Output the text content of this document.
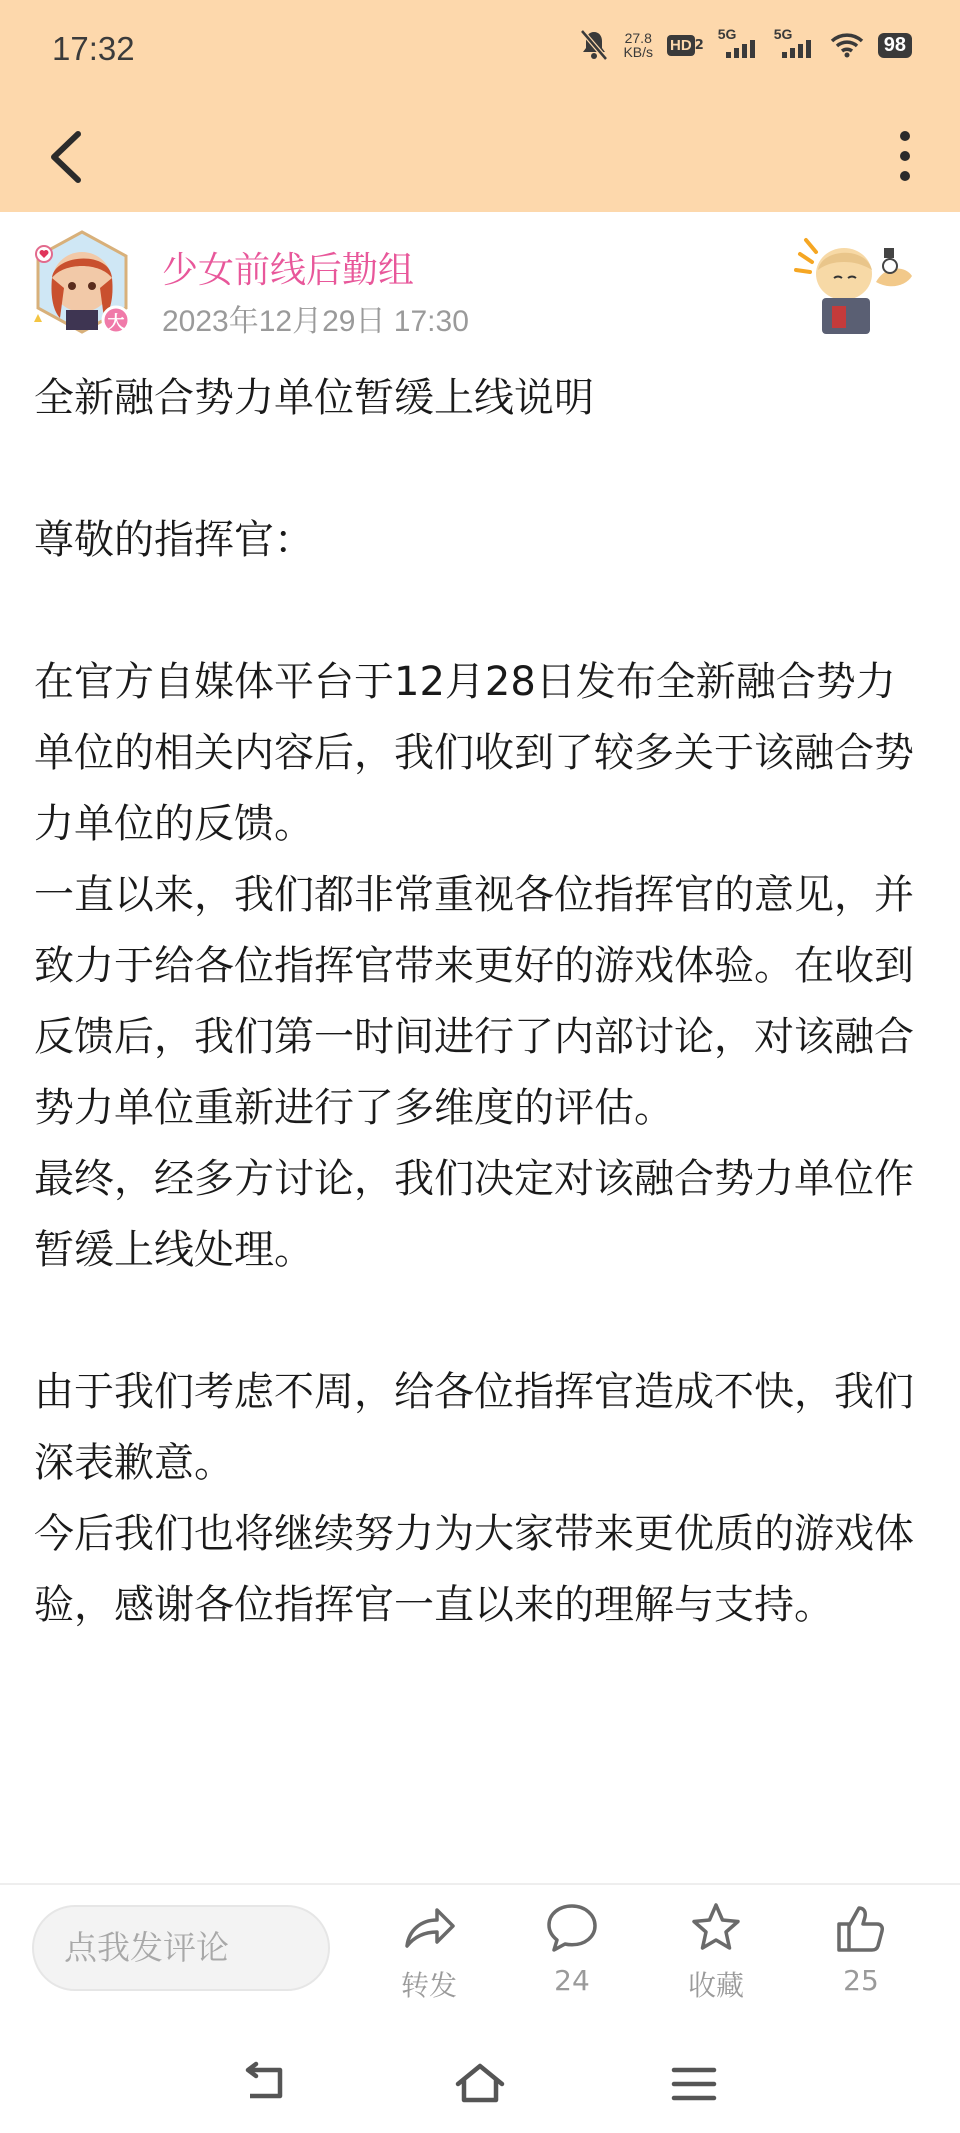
17:32	27.8
KB/s HD 2
5G	5G	98
大
少女前线后勤组
2023年12月29日 17:30
全新融合势力单位暂缓上线说明

尊敬的指挥官：

在官方自媒体平台于12月28日发布全新融合势力单位的相关内容后，我们收到了较多关于该融合势力单位的反馈。
一直以来，我们都非常重视各位指挥官的意见，并致力于给各位指挥官带来更好的游戏体验。在收到反馈后，我们第一时间进行了内部讨论，对该融合势力单位重新进行了多维度的评估。
最终，经多方讨论，我们决定对该融合势力单位作暂缓上线处理。

由于我们考虑不周，给各位指挥官造成不快，我们深表歉意。
今后我们也将继续努力为大家带来更优质的游戏体验，感谢各位指挥官一直以来的理解与支持。
点我发评论
转发	24	收藏	25
